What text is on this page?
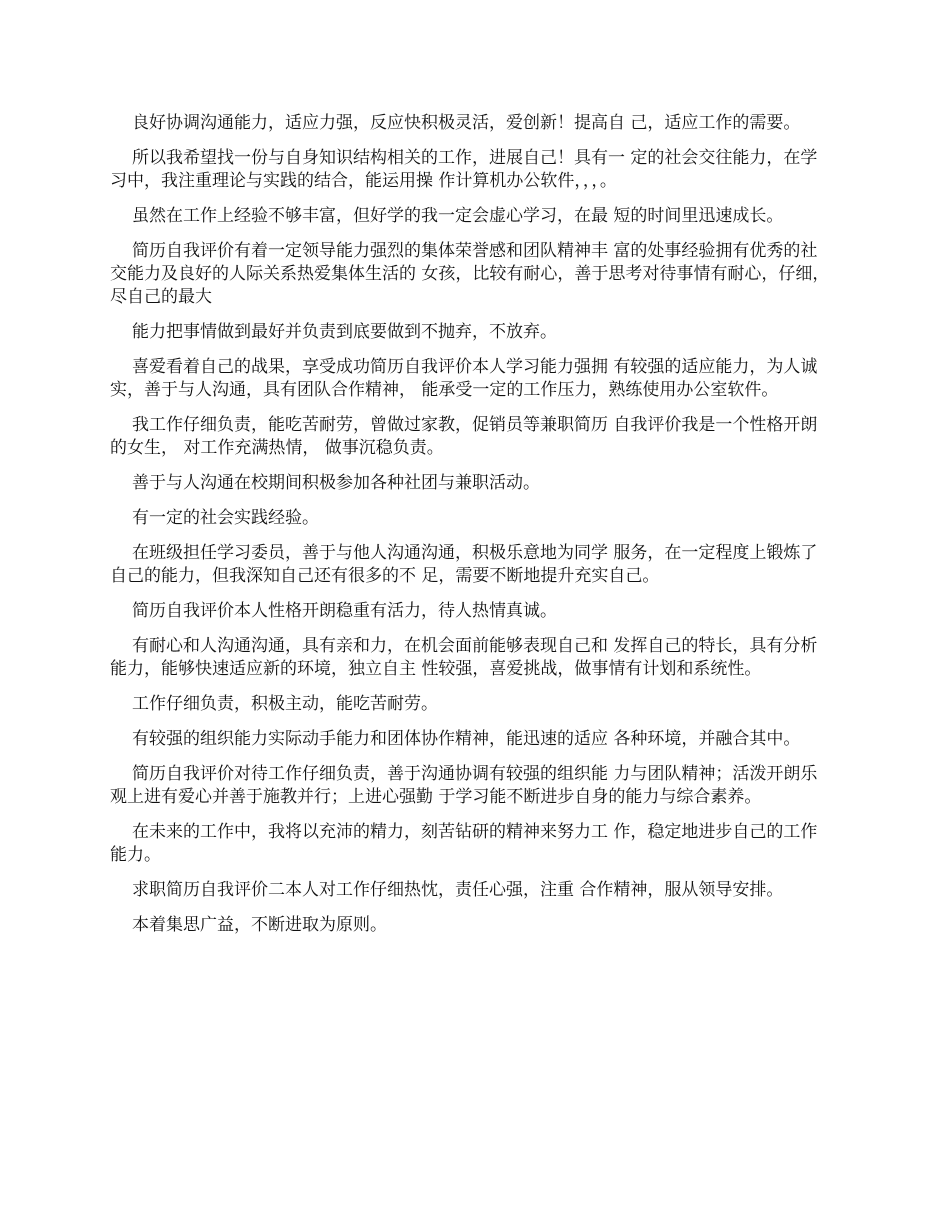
良好协调沟通能力，适应力强，反应快积极灵活，爱创新！提高自 己，适应工作的需要。

所以我希望找一份与自身知识结构相关的工作，进展自己！具有一 定的社会交往能力，在学习中，我注重理论与实践的结合，能运用操 作计算机办公软件，，，。

虽然在工作上经验不够丰富，但好学的我一定会虚心学习，在最 短的时间里迅速成长。

简历自我评价有着一定领导能力强烈的集体荣誉感和团队精神丰 富的处事经验拥有优秀的社交能力及良好的人际关系热爱集体生活的 女孩，比较有耐心，善于思考对待事情有耐心，仔细，尽自己的最大

能力把事情做到最好并负责到底要做到不抛弃，不放弃。

喜爱看着自己的战果，享受成功简历自我评价本人学习能力强拥 有较强的适应能力，为人诚实，善于与人沟通，具有团队合作精神， 能承受一定的工作压力，熟练使用办公室软件。

我工作仔细负责，能吃苦耐劳，曾做过家教，促销员等兼职简历 自我评价我是一个性格开朗的女生， 对工作充满热情， 做事沉稳负责。

善于与人沟通在校期间积极参加各种社团与兼职活动。

有一定的社会实践经验。

在班级担任学习委员，善于与他人沟通沟通，积极乐意地为同学 服务，在一定程度上锻炼了自己的能力，但我深知自己还有很多的不 足，需要不断地提升充实自己。

简历自我评价本人性格开朗稳重有活力，待人热情真诚。

有耐心和人沟通沟通，具有亲和力，在机会面前能够表现自己和 发挥自己的特长，具有分析能力，能够快速适应新的环境，独立自主 性较强，喜爱挑战，做事情有计划和系统性。

工作仔细负责，积极主动，能吃苦耐劳。

有较强的组织能力实际动手能力和团体协作精神，能迅速的适应 各种环境，并融合其中。

简历自我评价对待工作仔细负责，善于沟通协调有较强的组织能 力与团队精神；活泼开朗乐观上进有爱心并善于施教并行；上进心强勤 于学习能不断进步自身的能力与综合素养。

在未来的工作中，我将以充沛的精力，刻苦钻研的精神来努力工 作，稳定地进步自己的工作能力。

求职简历自我评价二本人对工作仔细热忱，责任心强，注重 合作精神，服从领导安排。

本着集思广益，不断进取为原则。
